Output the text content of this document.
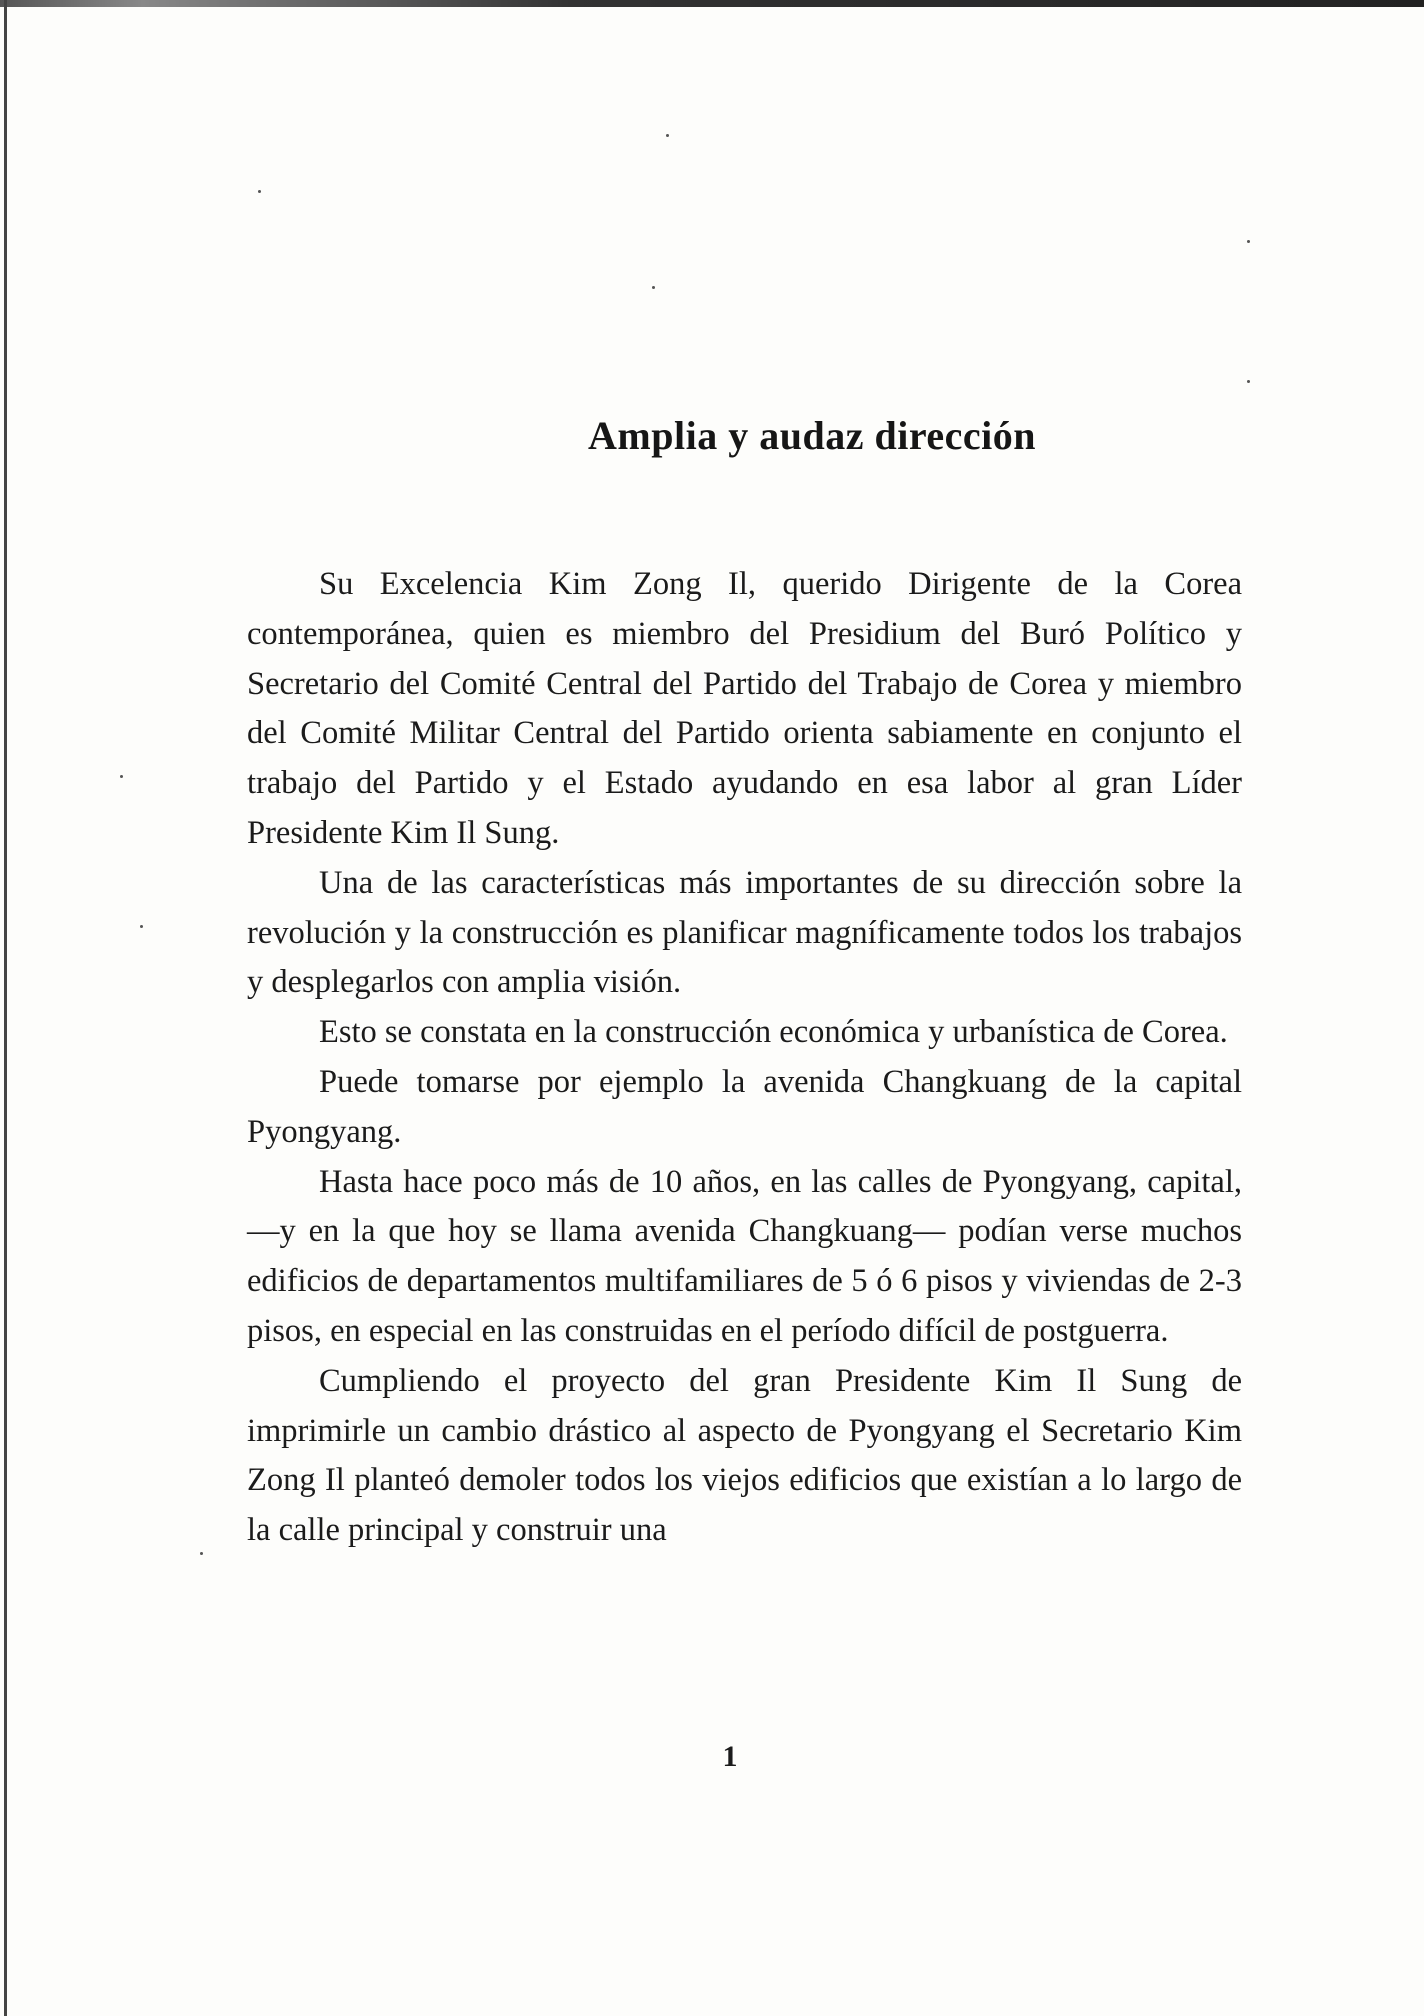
Amplia y audaz dirección

Su Excelencia Kim Zong Il, querido Dirigente de la Corea contemporánea, quien es miembro del Presidium del Buró Político y Secretario del Comité Central del Partido del Trabajo de Corea y miembro del Comité Militar Central del Partido orienta sabiamente en conjunto el trabajo del Partido y el Estado ayudando en esa labor al gran Líder Presidente Kim Il Sung.

Una de las características más importantes de su dirección sobre la revolución y la construcción es planificar magníficamente todos los trabajos y desplegarlos con amplia visión.

Esto se constata en la construcción económica y urbanística de Corea.

Puede tomarse por ejemplo la avenida Changkuang de la capital Pyongyang.

Hasta hace poco más de 10 años, en las calles de Pyongyang, capital, —y en la que hoy se llama avenida Changkuang— podían verse muchos edificios de departamentos multifamiliares de 5 ó 6 pisos y viviendas de 2-3 pisos, en especial en las construidas en el período difícil de postguerra.

Cumpliendo el proyecto del gran Presidente Kim Il Sung de imprimirle un cambio drástico al aspecto de Pyongyang el Secretario Kim Zong Il planteó demoler todos los viejos edificios que existían a lo largo de la calle principal y construir una

1
